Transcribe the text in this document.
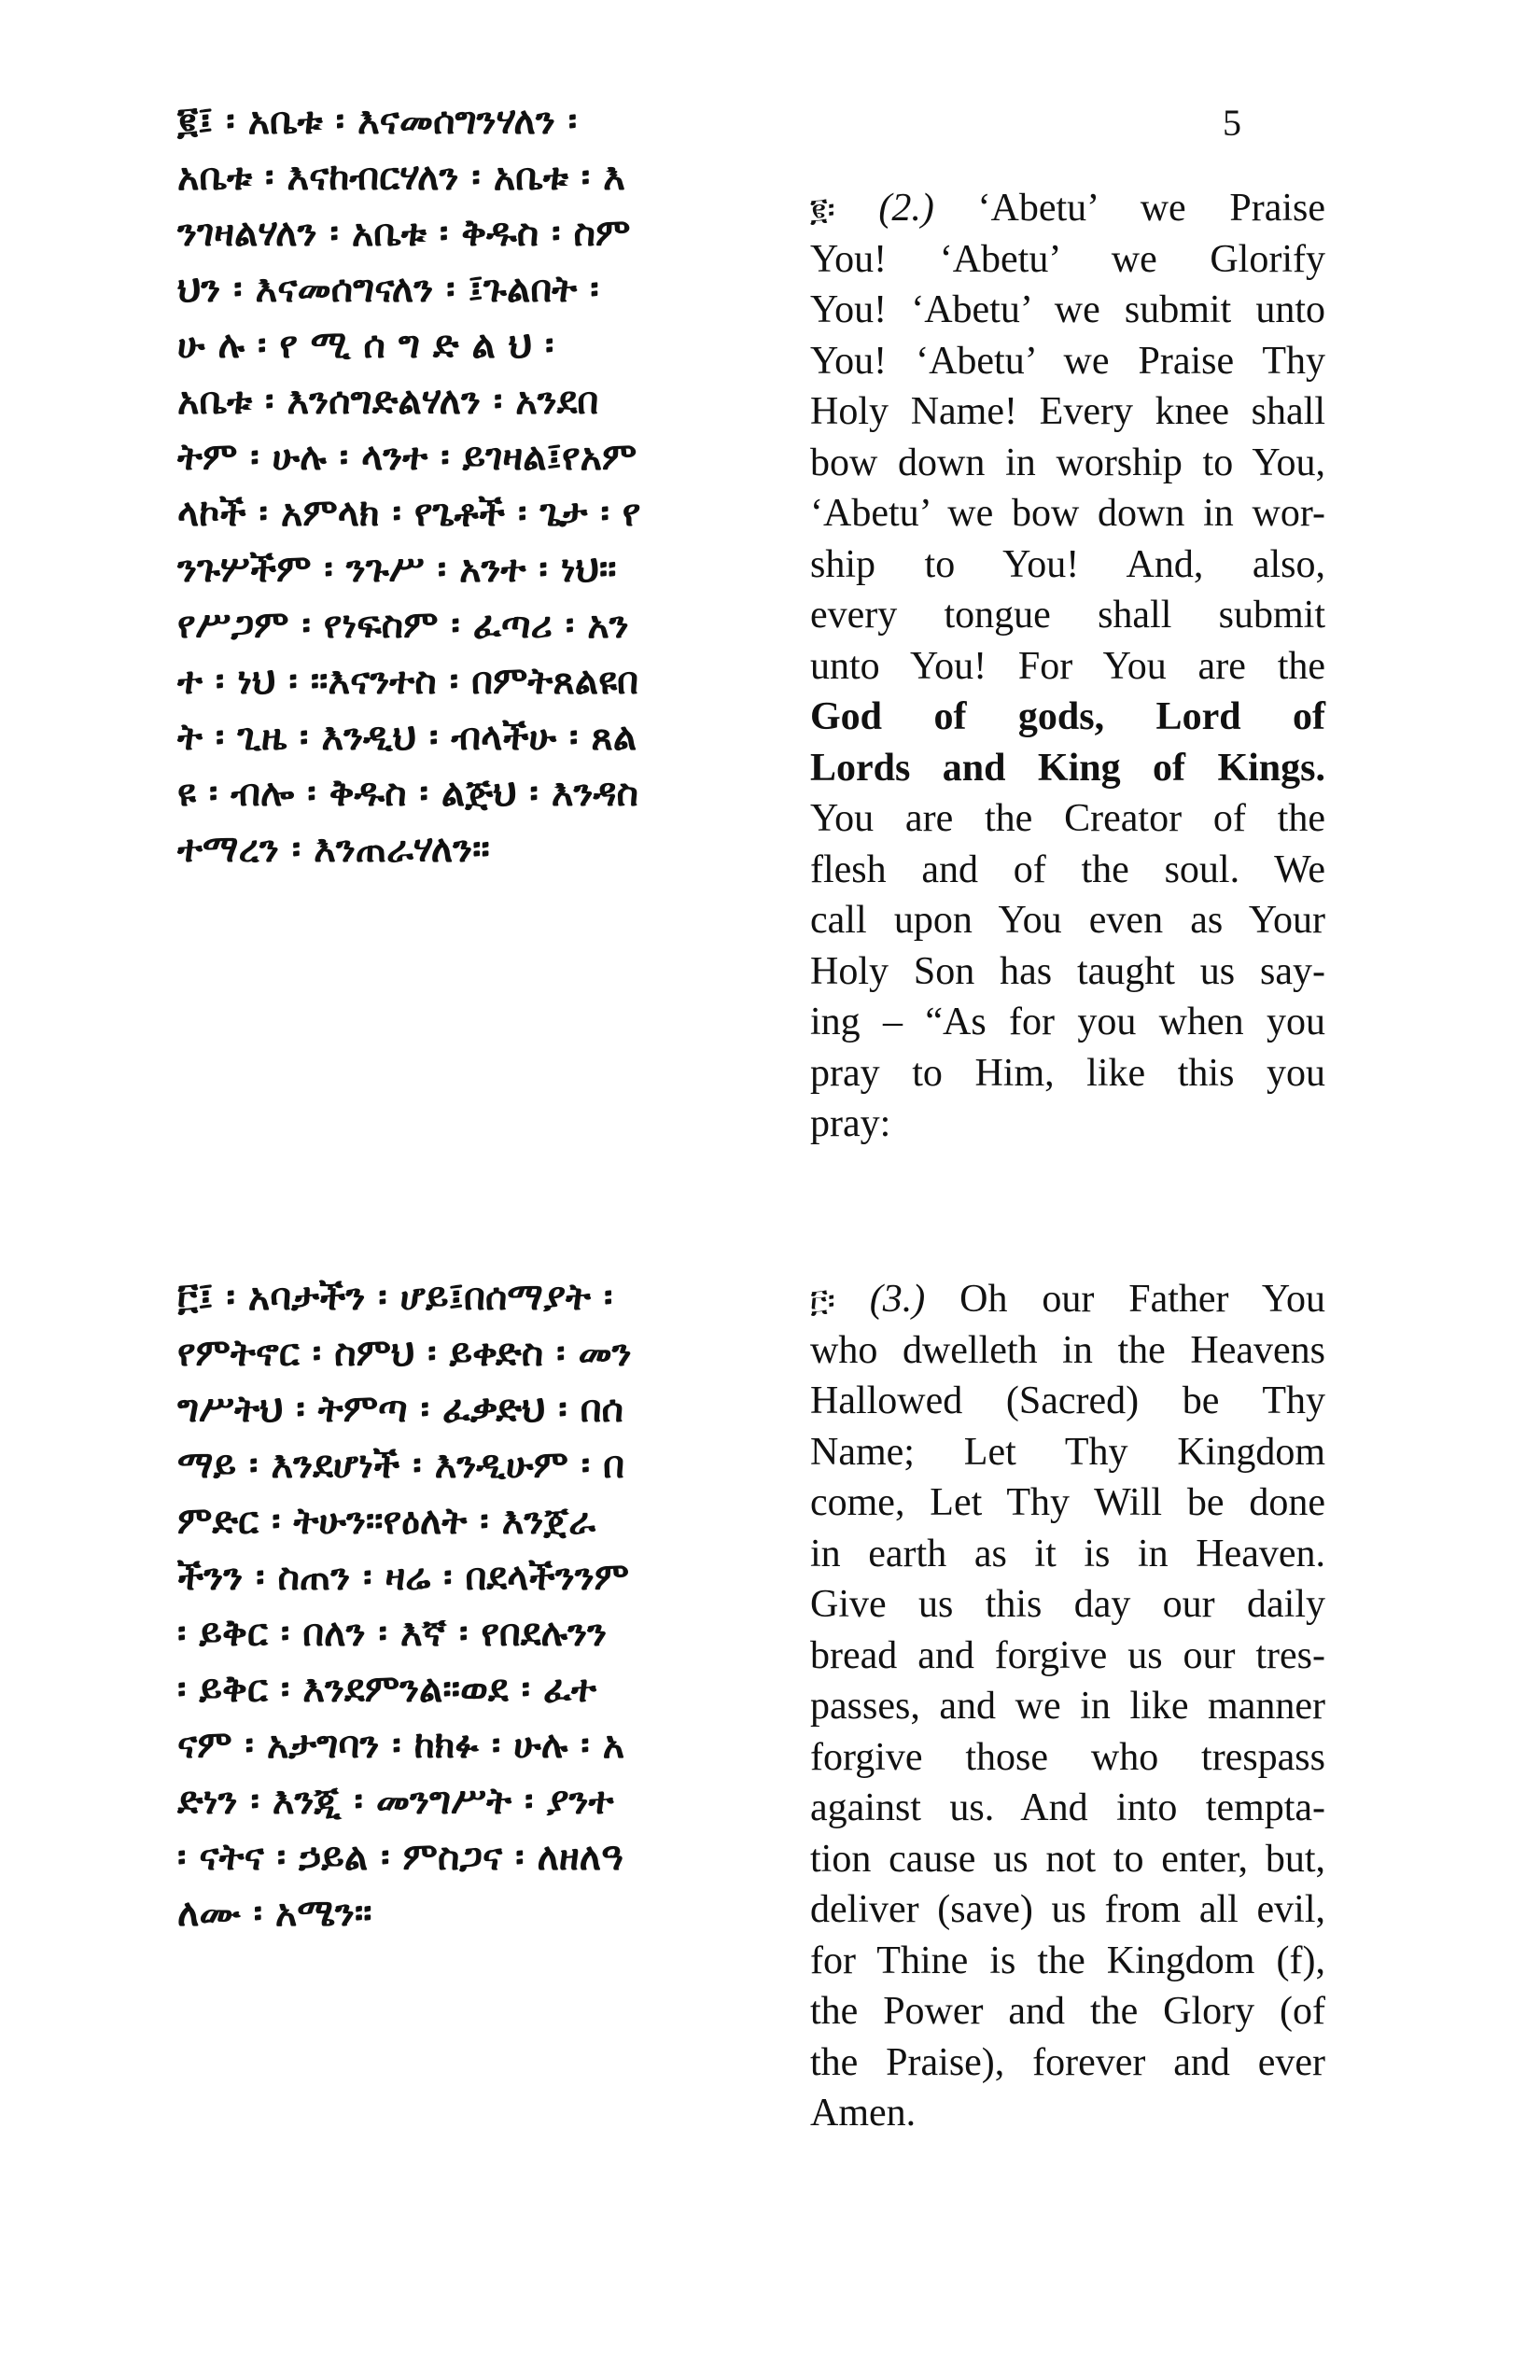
5
፪፤ ፡ አቤቱ ፡ እናመሰግንሃለን ፡
አቤቱ ፡ እናከብርሃለን ፡ አቤቱ ፡ እ
ንገዛልሃለን ፡ አቤቱ ፡ ቅዱስ ፡ ስም
ህን ፡ እናመሰግናለን ፡ ፤ጉልበት ፡
ሁ ሉ ፡ የ ሚ ሰ ግ ድ ል ህ ፡
አቤቱ ፡ እንሰግድልሃለን ፡ አንደበ
ትም ፡ ሁሉ ፡ ላንተ ፡ ይገዛል፤የአም
ላኮች ፡ አምላክ ፡ የጌቶች ፡ ጌታ ፡ የ
ንጉሦችም ፡ ንጉሥ ፡ አንተ ፡ ነህ።
የሥጋም ፡ የነፍስም ፡ ፈጣሪ ፡ አን
ተ ፡ ነህ ፡ ።እናንተስ ፡ በምትጸልዩበ
ት ፡ ጊዜ ፡ እንዲህ ፡ ብላችሁ ፡ ጸል
ዩ ፡ ብሎ ፡ ቅዱስ ፡ ልጅህ ፡ እንዳስ
ተማረን ፡ እንጠራሃለን።
፪፡ (2.) ‘Abetu’ we Praise
You! ‘Abetu’ we Glorify
You! ‘Abetu’ we submit unto
You! ‘Abetu’ we Praise Thy
Holy Name! Every knee shall
bow down in worship to You,
‘Abetu’ we bow down in wor-
ship to You! And, also,
every tongue shall submit
unto You! For You are the
God of gods, Lord of
Lords and King of Kings.
You are the Creator of the
flesh and of the soul. We
call upon You even as Your
Holy Son has taught us say-
ing – “As for you when you
pray to Him, like this you
pray:
፫፤ ፡ አባታችን ፡ ሆይ፤በሰማያት ፡
የምትኖር ፡ ስምህ ፡ ይቀድስ ፡ መን
ግሥትህ ፡ ትምጣ ፡ ፈቃድህ ፡ በሰ
ማይ ፡ እንደሆነች ፡ እንዲሁም ፡ በ
ምድር ፡ ትሁን።የዕለት ፡ እንጀራ
ችንን ፡ ስጠን ፡ ዛሬ ፡ በደላችንንም
፡ ይቅር ፡ በለን ፡ እኛ ፡ የበደሉንን
፡ ይቅር ፡ እንደምንል።ወደ ፡ ፈተ
ናም ፡ አታግባን ፡ ከክፉ ፡ ሁሉ ፡ አ
ድነን ፡ እንጂ ፡ መንግሥት ፡ ያንተ
፡ ናትና ፡ ኃይል ፡ ምስጋና ፡ ለዘለዓ
ለሙ ፡ አሜን።
፫፡ (3.) Oh our Father You
who dwelleth in the Heavens
Hallowed (Sacred) be Thy
Name; Let Thy Kingdom
come, Let Thy Will be done
in earth as it is in Heaven.
Give us this day our daily
bread and forgive us our tres-
passes, and we in like manner
forgive those who trespass
against us. And into tempta-
tion cause us not to enter, but,
deliver (save) us from all evil,
for Thine is the Kingdom (f),
the Power and the Glory (of
the Praise), forever and ever
Amen.
